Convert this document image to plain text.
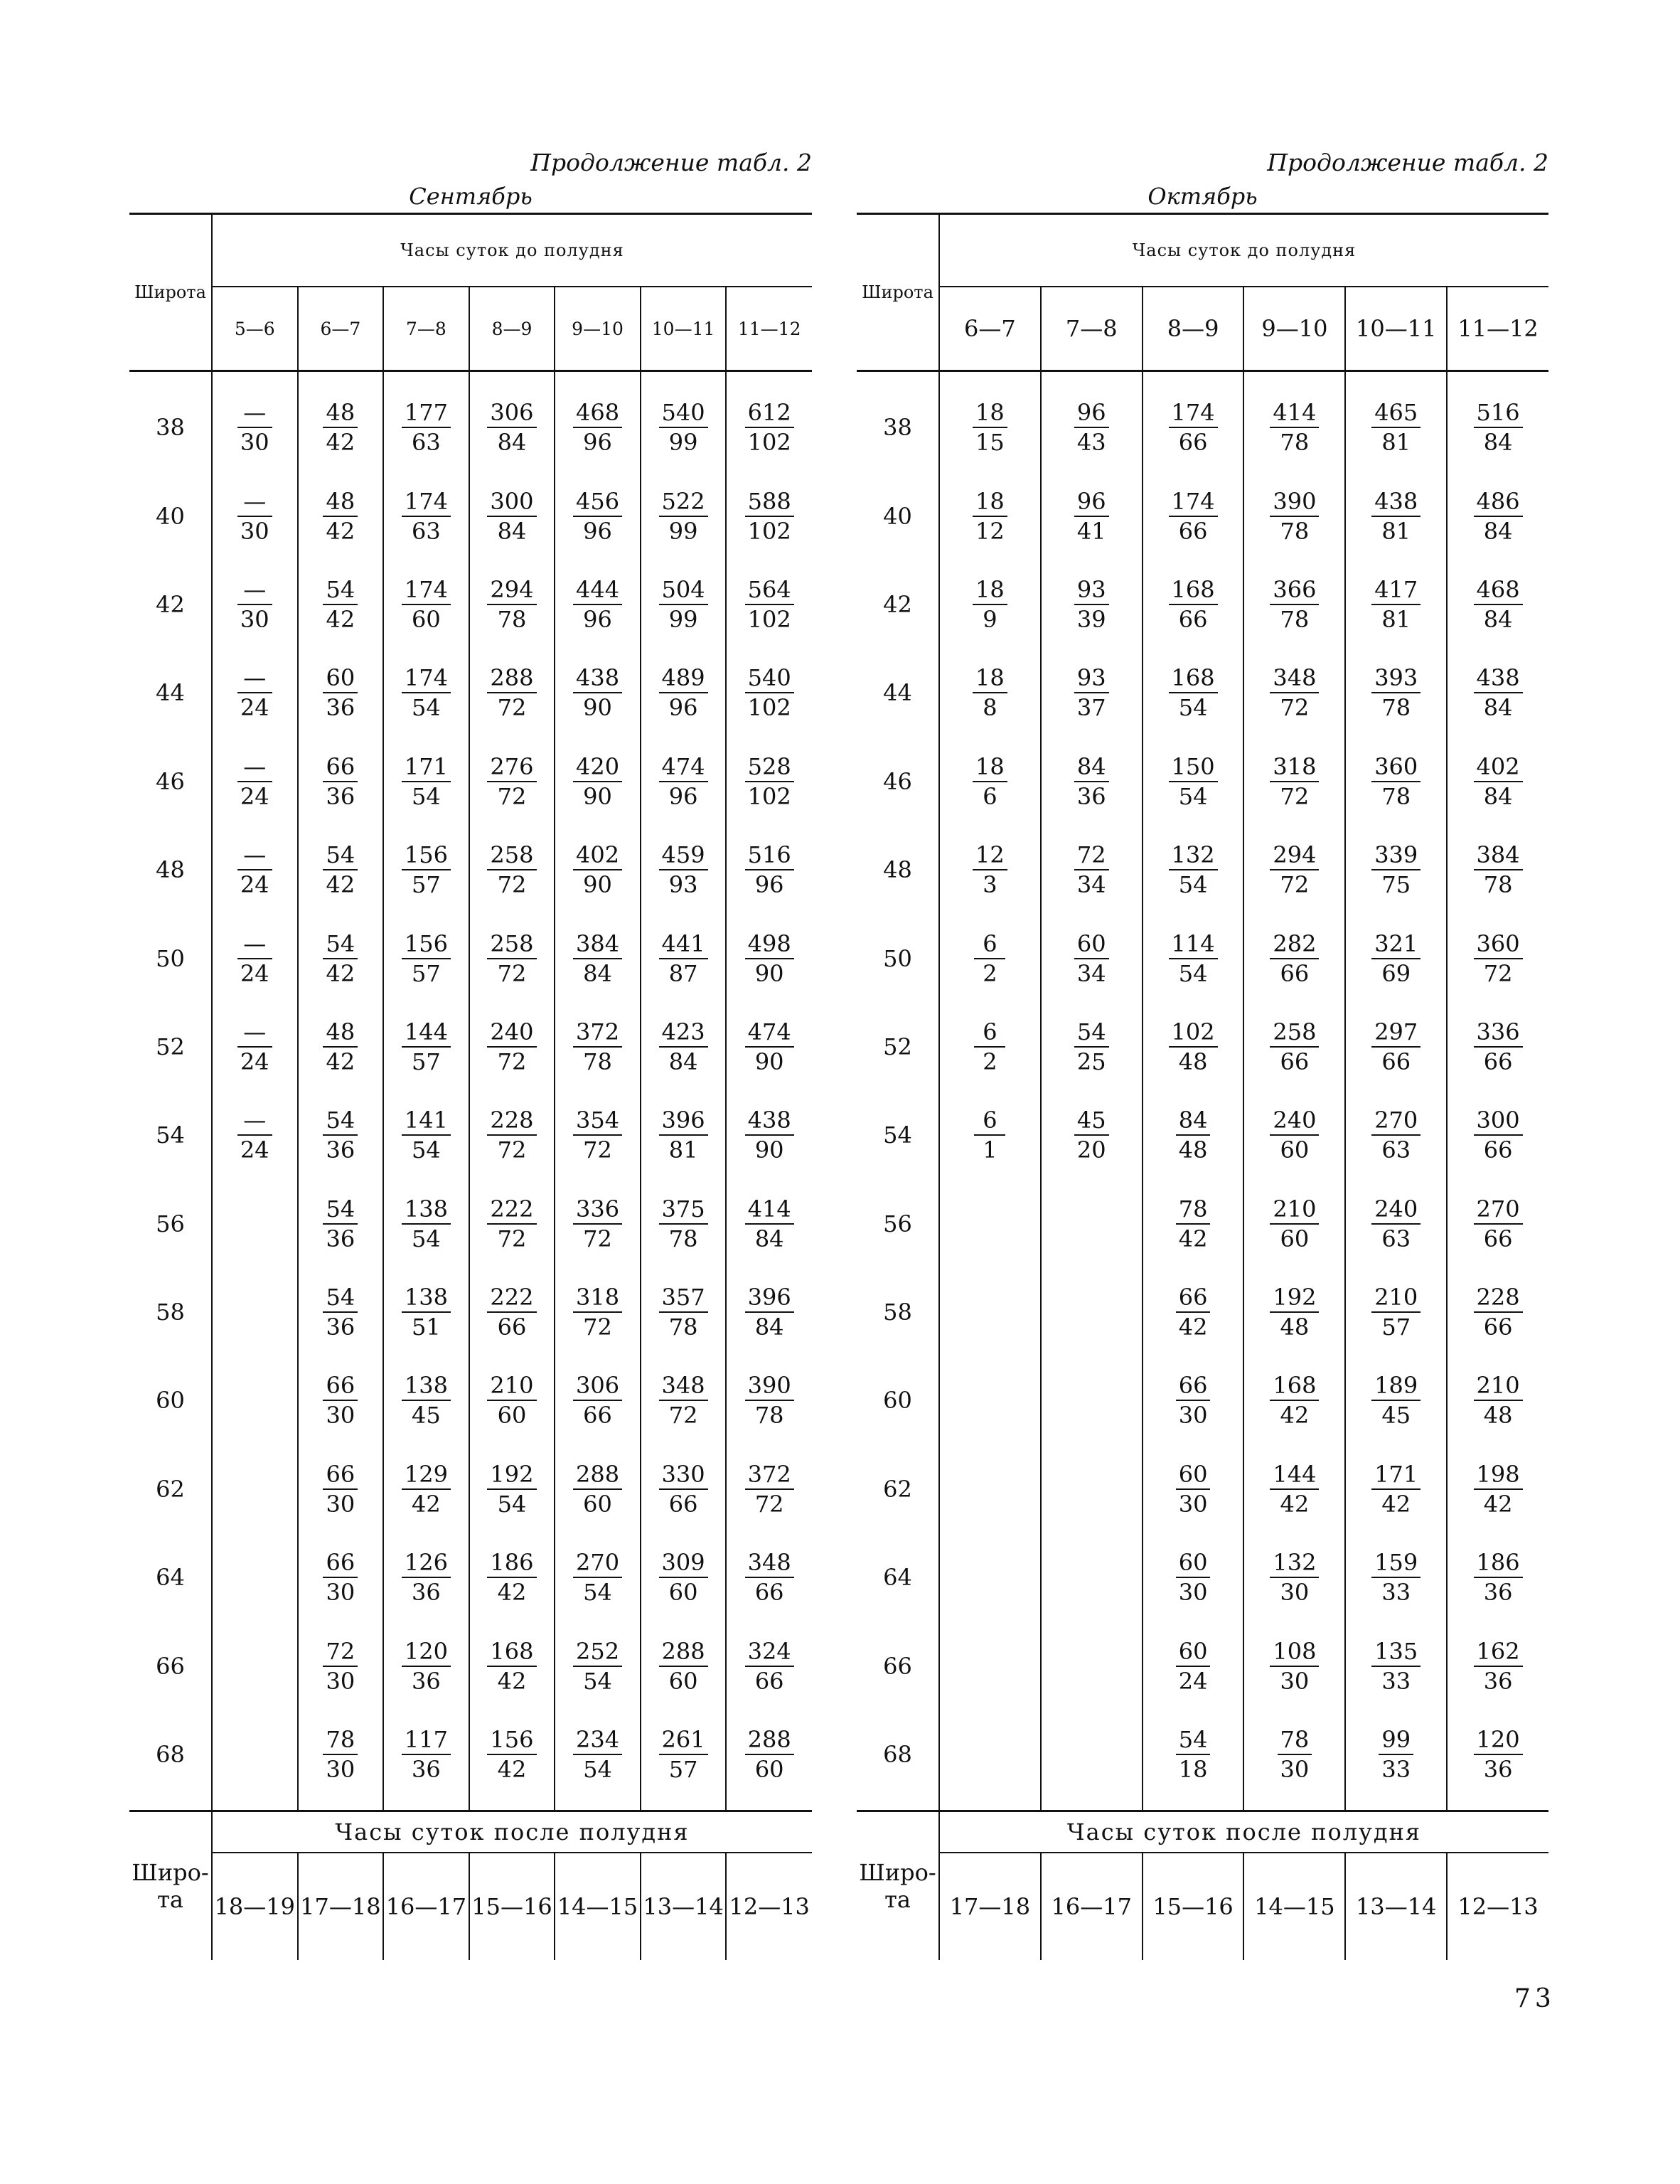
Продолжение табл. 2
Сентябрь
Широта	Часы суток до полудня						
	5—6	6—7	7—8	8—9	9—10	10—11	11—12

38	$\frac{—}{30}$	$\frac{48}{42}$	$\frac{177}{63}$	$\frac{306}{84}$	$\frac{468}{96}$	$\frac{540}{99}$	$\frac{612}{102}$

40	$\frac{—}{30}$	$\frac{48}{42}$	$\frac{174}{63}$	$\frac{300}{84}$	$\frac{456}{96}$	$\frac{522}{99}$	$\frac{588}{102}$

42	$\frac{—}{30}$	$\frac{54}{42}$	$\frac{174}{60}$	$\frac{294}{78}$	$\frac{444}{96}$	$\frac{504}{99}$	$\frac{564}{102}$

44	$\frac{—}{24}$	$\frac{60}{36}$	$\frac{174}{54}$	$\frac{288}{72}$	$\frac{438}{90}$	$\frac{489}{96}$	$\frac{540}{102}$

46	$\frac{—}{24}$	$\frac{66}{36}$	$\frac{171}{54}$	$\frac{276}{72}$	$\frac{420}{90}$	$\frac{474}{96}$	$\frac{528}{102}$

48	$\frac{—}{24}$	$\frac{54}{42}$	$\frac{156}{57}$	$\frac{258}{72}$	$\frac{402}{90}$	$\frac{459}{93}$	$\frac{516}{96}$

50	$\frac{—}{24}$	$\frac{54}{42}$	$\frac{156}{57}$	$\frac{258}{72}$	$\frac{384}{84}$	$\frac{441}{87}$	$\frac{498}{90}$

52	$\frac{—}{24}$	$\frac{48}{42}$	$\frac{144}{57}$	$\frac{240}{72}$	$\frac{372}{78}$	$\frac{423}{84}$	$\frac{474}{90}$

54	$\frac{—}{24}$	$\frac{54}{36}$	$\frac{141}{54}$	$\frac{228}{72}$	$\frac{354}{72}$	$\frac{396}{81}$	$\frac{438}{90}$

56		$\frac{54}{36}$	$\frac{138}{54}$	$\frac{222}{72}$	$\frac{336}{72}$	$\frac{375}{78}$	$\frac{414}{84}$

58		$\frac{54}{36}$	$\frac{138}{51}$	$\frac{222}{66}$	$\frac{318}{72}$	$\frac{357}{78}$	$\frac{396}{84}$

60		$\frac{66}{30}$	$\frac{138}{45}$	$\frac{210}{60}$	$\frac{306}{66}$	$\frac{348}{72}$	$\frac{390}{78}$

62		$\frac{66}{30}$	$\frac{129}{42}$	$\frac{192}{54}$	$\frac{288}{60}$	$\frac{330}{66}$	$\frac{372}{72}$

64		$\frac{66}{30}$	$\frac{126}{36}$	$\frac{186}{42}$	$\frac{270}{54}$	$\frac{309}{60}$	$\frac{348}{66}$

66		$\frac{72}{30}$	$\frac{120}{36}$	$\frac{168}{42}$	$\frac{252}{54}$	$\frac{288}{60}$	$\frac{324}{66}$

68		$\frac{78}{30}$	$\frac{117}{36}$	$\frac{156}{42}$	$\frac{234}{54}$	$\frac{261}{57}$	$\frac{288}{60}$

Широ-
та	Часы суток после полудня						
	18—19	17—18	16—17	15—16	14—15	13—14	12—13
Продолжение табл. 2
Октябрь
Широта	Часы суток до полудня					
	6—7	7—8	8—9	9—10	10—11	11—12

38	$\frac{18}{15}$	$\frac{96}{43}$	$\frac{174}{66}$	$\frac{414}{78}$	$\frac{465}{81}$	$\frac{516}{84}$

40	$\frac{18}{12}$	$\frac{96}{41}$	$\frac{174}{66}$	$\frac{390}{78}$	$\frac{438}{81}$	$\frac{486}{84}$

42	$\frac{18}{9}$	$\frac{93}{39}$	$\frac{168}{66}$	$\frac{366}{78}$	$\frac{417}{81}$	$\frac{468}{84}$

44	$\frac{18}{8}$	$\frac{93}{37}$	$\frac{168}{54}$	$\frac{348}{72}$	$\frac{393}{78}$	$\frac{438}{84}$

46	$\frac{18}{6}$	$\frac{84}{36}$	$\frac{150}{54}$	$\frac{318}{72}$	$\frac{360}{78}$	$\frac{402}{84}$

48	$\frac{12}{3}$	$\frac{72}{34}$	$\frac{132}{54}$	$\frac{294}{72}$	$\frac{339}{75}$	$\frac{384}{78}$

50	$\frac{6}{2}$	$\frac{60}{34}$	$\frac{114}{54}$	$\frac{282}{66}$	$\frac{321}{69}$	$\frac{360}{72}$

52	$\frac{6}{2}$	$\frac{54}{25}$	$\frac{102}{48}$	$\frac{258}{66}$	$\frac{297}{66}$	$\frac{336}{66}$

54	$\frac{6}{1}$	$\frac{45}{20}$	$\frac{84}{48}$	$\frac{240}{60}$	$\frac{270}{63}$	$\frac{300}{66}$

56			$\frac{78}{42}$	$\frac{210}{60}$	$\frac{240}{63}$	$\frac{270}{66}$

58			$\frac{66}{42}$	$\frac{192}{48}$	$\frac{210}{57}$	$\frac{228}{66}$

60			$\frac{66}{30}$	$\frac{168}{42}$	$\frac{189}{45}$	$\frac{210}{48}$

62			$\frac{60}{30}$	$\frac{144}{42}$	$\frac{171}{42}$	$\frac{198}{42}$

64			$\frac{60}{30}$	$\frac{132}{30}$	$\frac{159}{33}$	$\frac{186}{36}$

66			$\frac{60}{24}$	$\frac{108}{30}$	$\frac{135}{33}$	$\frac{162}{36}$

68			$\frac{54}{18}$	$\frac{78}{30}$	$\frac{99}{33}$	$\frac{120}{36}$

Широ-
та	Часы суток после полудня					
	17—18	16—17	15—16	14—15	13—14	12—13
73
